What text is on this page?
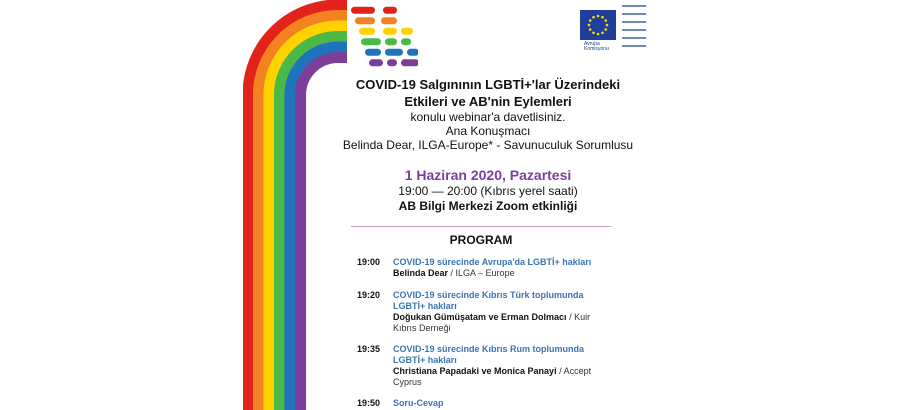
Avrupa
Komisyonu
COVID-19 Salgınının LGBTİ+'lar Üzerindeki
Etkileri ve AB'nin Eylemleri
konulu webinar'a davetlisiniz.
Ana Konuşmacı
Belinda Dear, ILGA-Europe* - Savunuculuk Sorumlusu
1 Haziran 2020, Pazartesi
19:00 — 20:00 (Kıbrıs yerel saati)
AB Bilgi Merkezi Zoom etkinliği
PROGRAM
19:00	COVID-19 sürecinde Avrupa'da LGBTİ+ hakları
Belinda Dear / ILGA – Europe
19:20	COVID-19 sürecinde Kıbrıs Türk toplumunda LGBTİ+ hakları
Doğukan Gümüşatam ve Erman Dolmacı / Kuir Kıbrıs Derneği
19:35	COVID-19 sürecinde Kıbrıs Rum toplumunda LGBTİ+ hakları
Christiana Papadaki ve Monica Panayi / Accept Cyprus
19:50	Soru-Cevap
